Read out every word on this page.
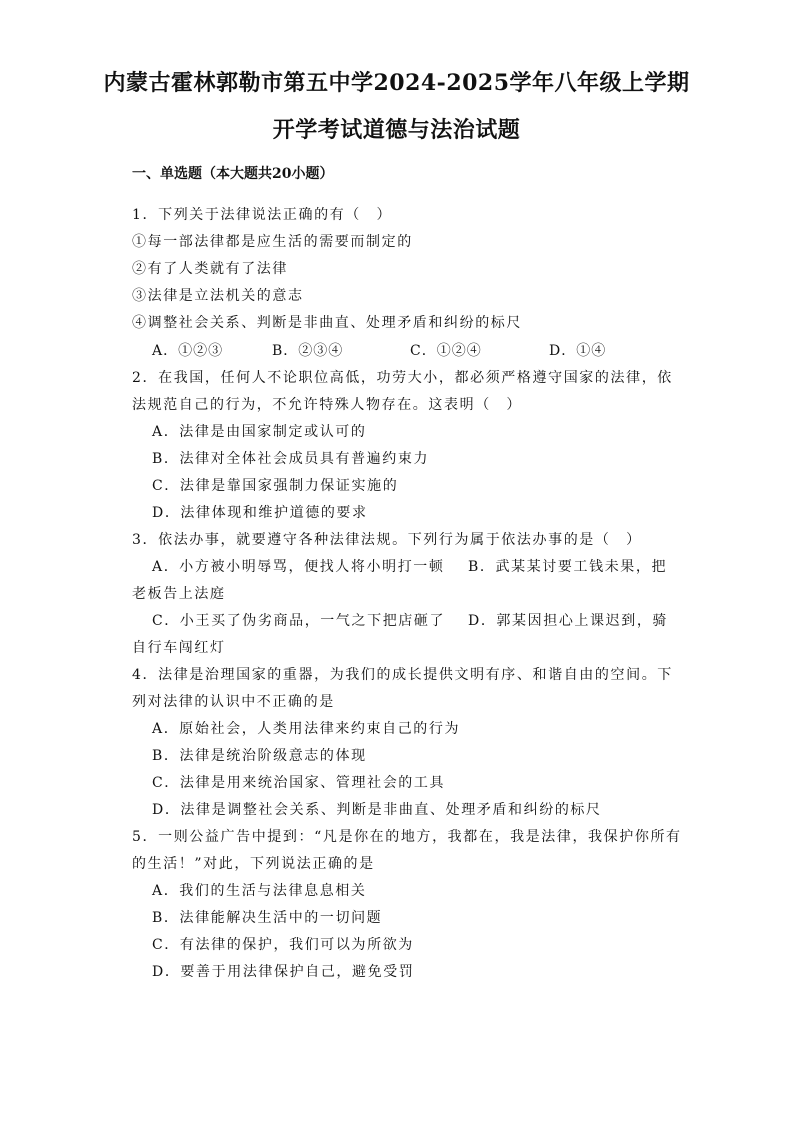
内蒙古霍林郭勒市第五中学2024-2025学年八年级上学期
开学考试道德与法治试题
一、单选题（本大题共20小题）
1．下列关于法律说法正确的有（　）
①每一部法律都是应生活的需要而制定的
②有了人类就有了法律
③法律是立法机关的意志
④调整社会关系、判断是非曲直、处理矛盾和纠纷的标尺
A．①②③	B．②③④	C．①②④	D．①④
2．在我国，任何人不论职位高低，功劳大小，都必须严格遵守国家的法律，依
法规范自己的行为，不允许特殊人物存在。这表明（　）
A．法律是由国家制定或认可的
B．法律对全体社会成员具有普遍约束力
C．法律是靠国家强制力保证实施的
D．法律体现和维护道德的要求
3．依法办事，就要遵守各种法律法规。下列行为属于依法办事的是（　）
A．小方被小明辱骂，便找人将小明打一顿 B．武某某讨要工钱未果，把
老板告上法庭
C．小王买了伪劣商品，一气之下把店砸了 D．郭某因担心上课迟到，骑
自行车闯红灯
4．法律是治理国家的重器，为我们的成长提供文明有序、和谐自由的空间。下
列对法律的认识中不正确的是
A．原始社会，人类用法律来约束自己的行为
B．法律是统治阶级意志的体现
C．法律是用来统治国家、管理社会的工具
D．法律是调整社会关系、判断是非曲直、处理矛盾和纠纷的标尺
5．一则公益广告中提到：“凡是你在的地方，我都在，我是法律，我保护你所有
的生活！”对此，下列说法正确的是
A．我们的生活与法律息息相关
B．法律能解决生活中的一切问题
C．有法律的保护，我们可以为所欲为
D．要善于用法律保护自己，避免受罚
